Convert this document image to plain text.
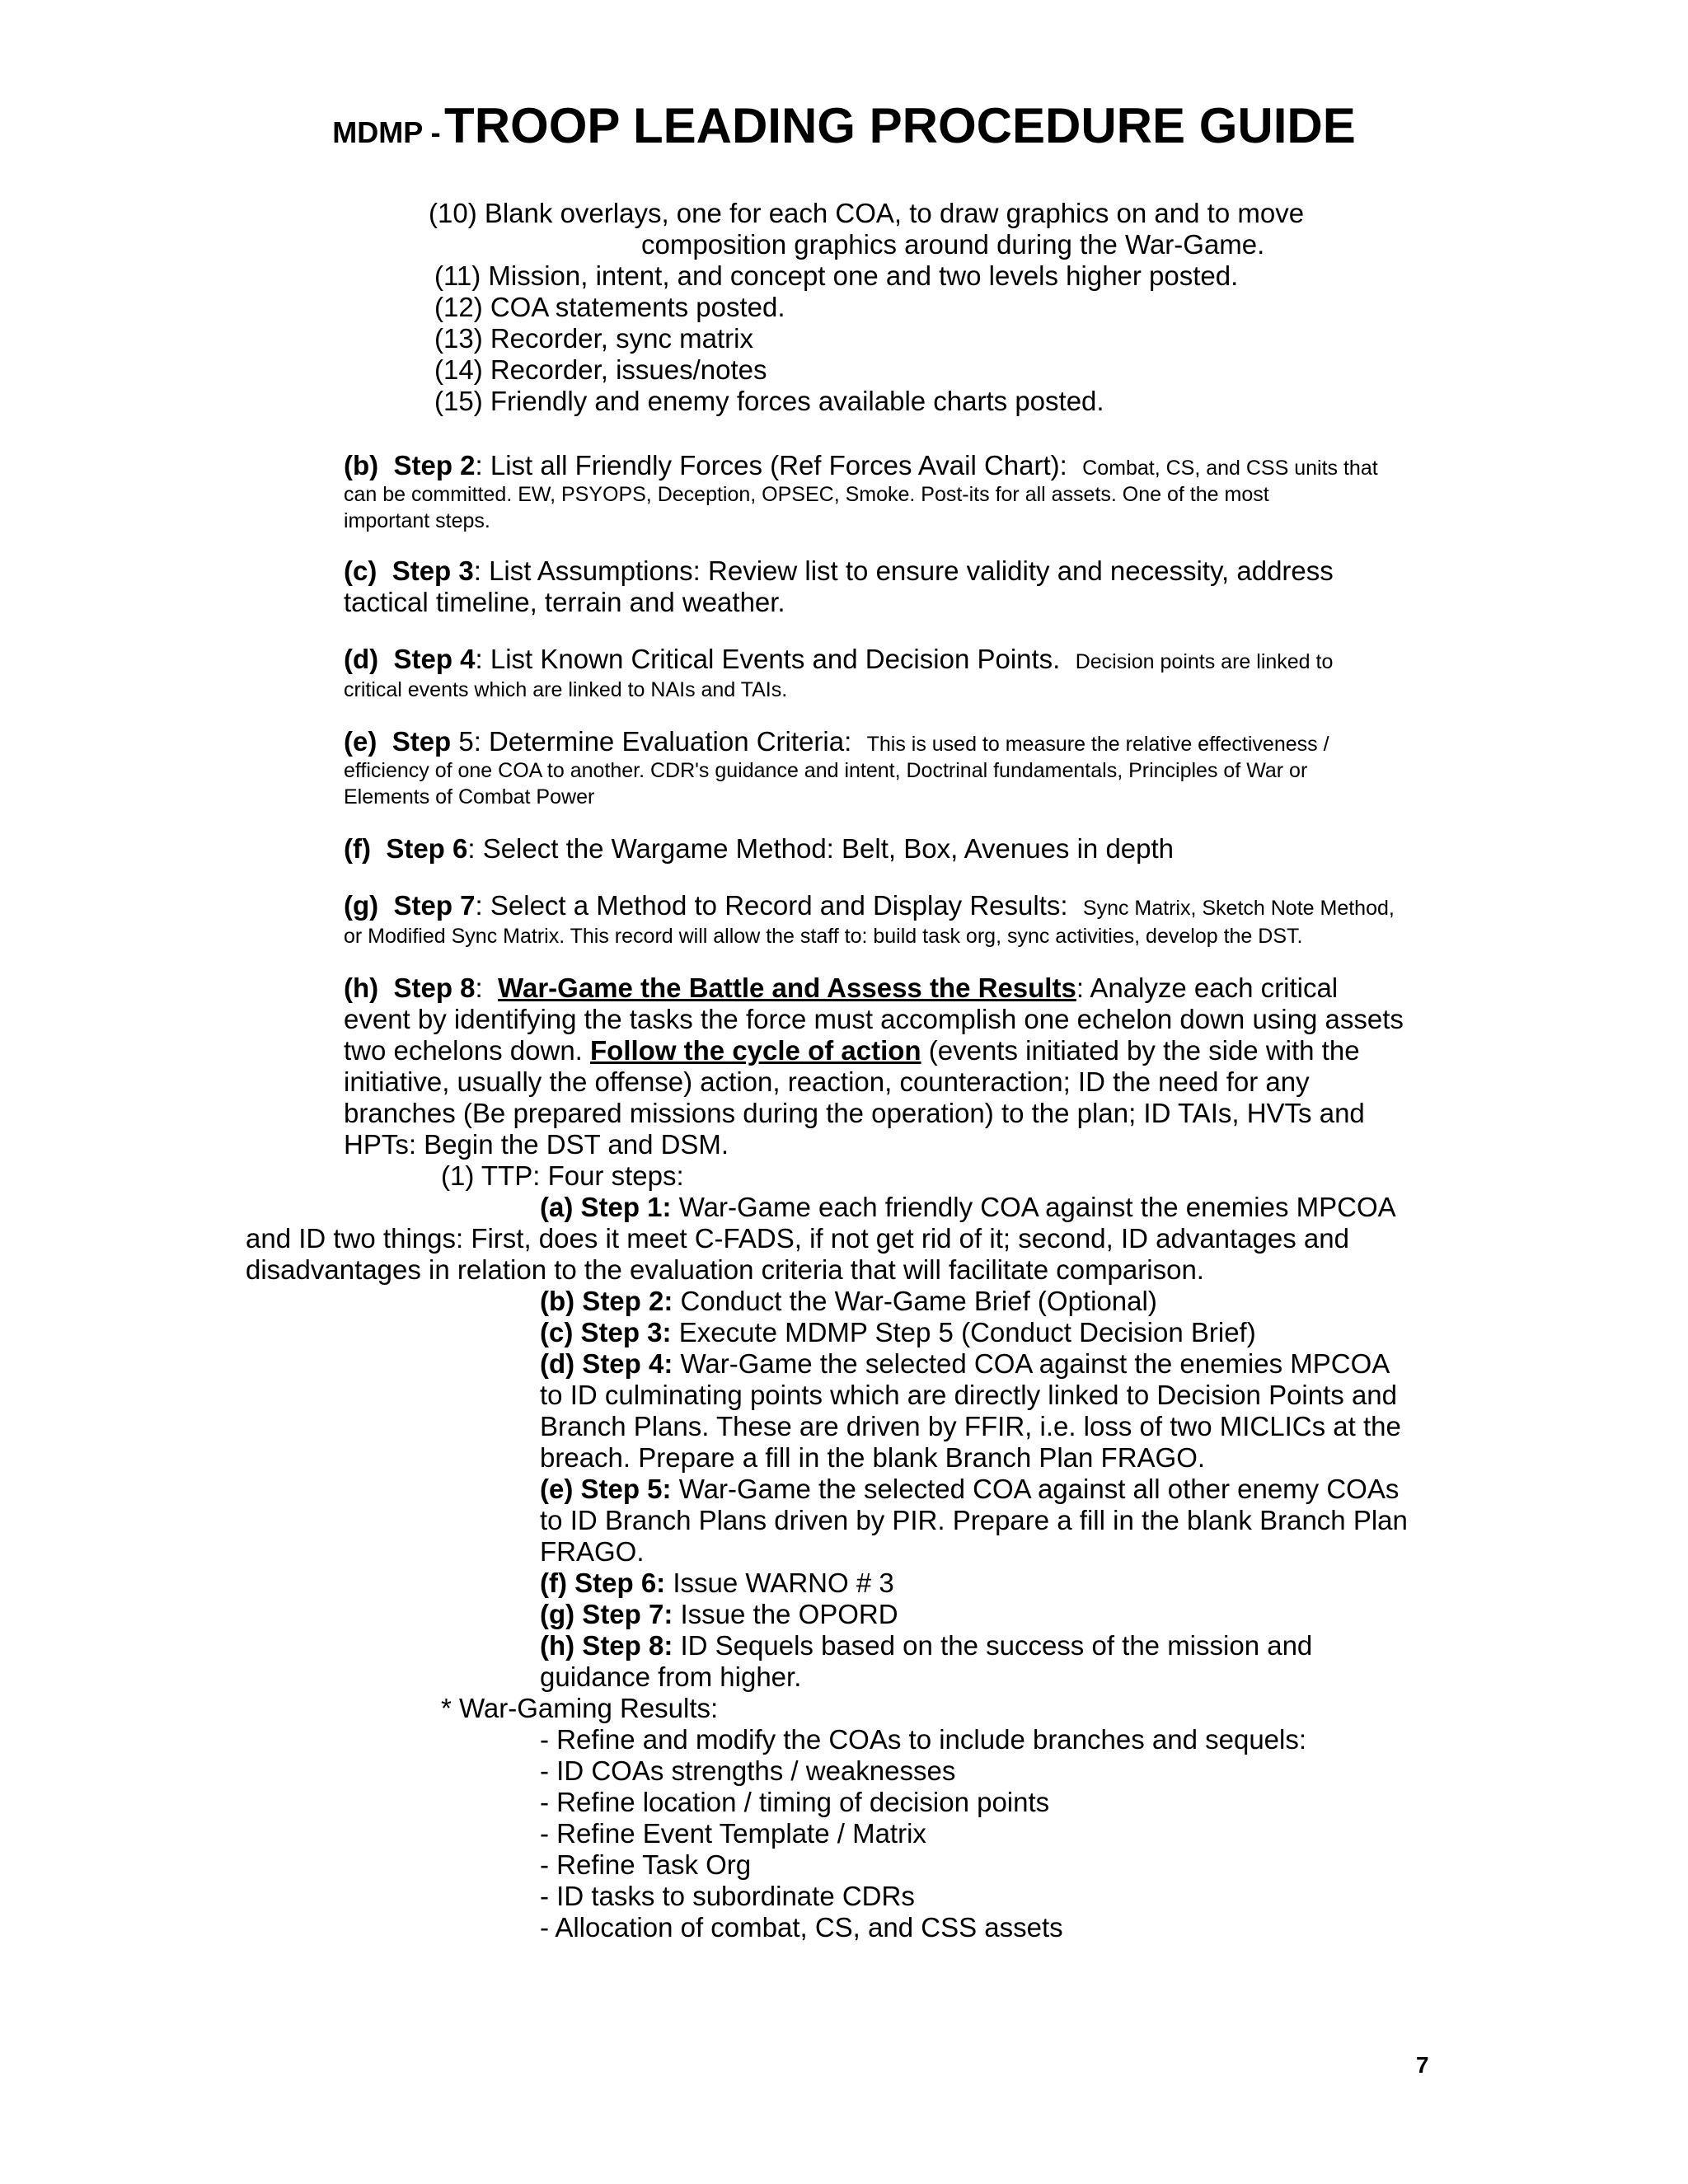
MDMP - TROOP LEADING PROCEDURE GUIDE
(10) Blank overlays, one for each COA, to draw graphics on and to move
composition graphics around during the War-Game.
(11) Mission, intent, and concept one and two levels higher posted.
(12) COA statements posted.
(13) Recorder, sync matrix
(14) Recorder, issues/notes
(15) Friendly and enemy forces available charts posted.
(b) Step 2: List all Friendly Forces (Ref Forces Avail Chart): Combat, CS, and CSS units that
can be committed. EW, PSYOPS, Deception, OPSEC, Smoke. Post-its for all assets. One of the most
important steps.
(c) Step 3: List Assumptions: Review list to ensure validity and necessity, address
tactical timeline, terrain and weather.
(d) Step 4: List Known Critical Events and Decision Points. Decision points are linked to
critical events which are linked to NAIs and TAIs.
(e) Step 5: Determine Evaluation Criteria: This is used to measure the relative effectiveness /
efficiency of one COA to another. CDR's guidance and intent, Doctrinal fundamentals, Principles of War or
Elements of Combat Power
(f) Step 6: Select the Wargame Method: Belt, Box, Avenues in depth
(g) Step 7: Select a Method to Record and Display Results: Sync Matrix, Sketch Note Method,
or Modified Sync Matrix. This record will allow the staff to: build task org, sync activities, develop the DST.
(h) Step 8: War-Game the Battle and Assess the Results: Analyze each critical
event by identifying the tasks the force must accomplish one echelon down using assets
two echelons down. Follow the cycle of action (events initiated by the side with the
initiative, usually the offense) action, reaction, counteraction; ID the need for any
branches (Be prepared missions during the operation) to the plan; ID TAIs, HVTs and
HPTs: Begin the DST and DSM.
(1) TTP: Four steps:
(a) Step 1: War-Game each friendly COA against the enemies MPCOA
and ID two things: First, does it meet C-FADS, if not get rid of it; second, ID advantages and
disadvantages in relation to the evaluation criteria that will facilitate comparison.
(b) Step 2: Conduct the War-Game Brief (Optional)
(c) Step 3: Execute MDMP Step 5 (Conduct Decision Brief)
(d) Step 4: War-Game the selected COA against the enemies MPCOA
to ID culminating points which are directly linked to Decision Points and
Branch Plans. These are driven by FFIR, i.e. loss of two MICLICs at the
breach. Prepare a fill in the blank Branch Plan FRAGO.
(e) Step 5: War-Game the selected COA against all other enemy COAs
to ID Branch Plans driven by PIR. Prepare a fill in the blank Branch Plan
FRAGO.
(f) Step 6: Issue WARNO # 3
(g) Step 7: Issue the OPORD
(h) Step 8: ID Sequels based on the success of the mission and
guidance from higher.
* War-Gaming Results:
- Refine and modify the COAs to include branches and sequels:
- ID COAs strengths / weaknesses
- Refine location / timing of decision points
- Refine Event Template / Matrix
- Refine Task Org
- ID tasks to subordinate CDRs
- Allocation of combat, CS, and CSS assets
7
